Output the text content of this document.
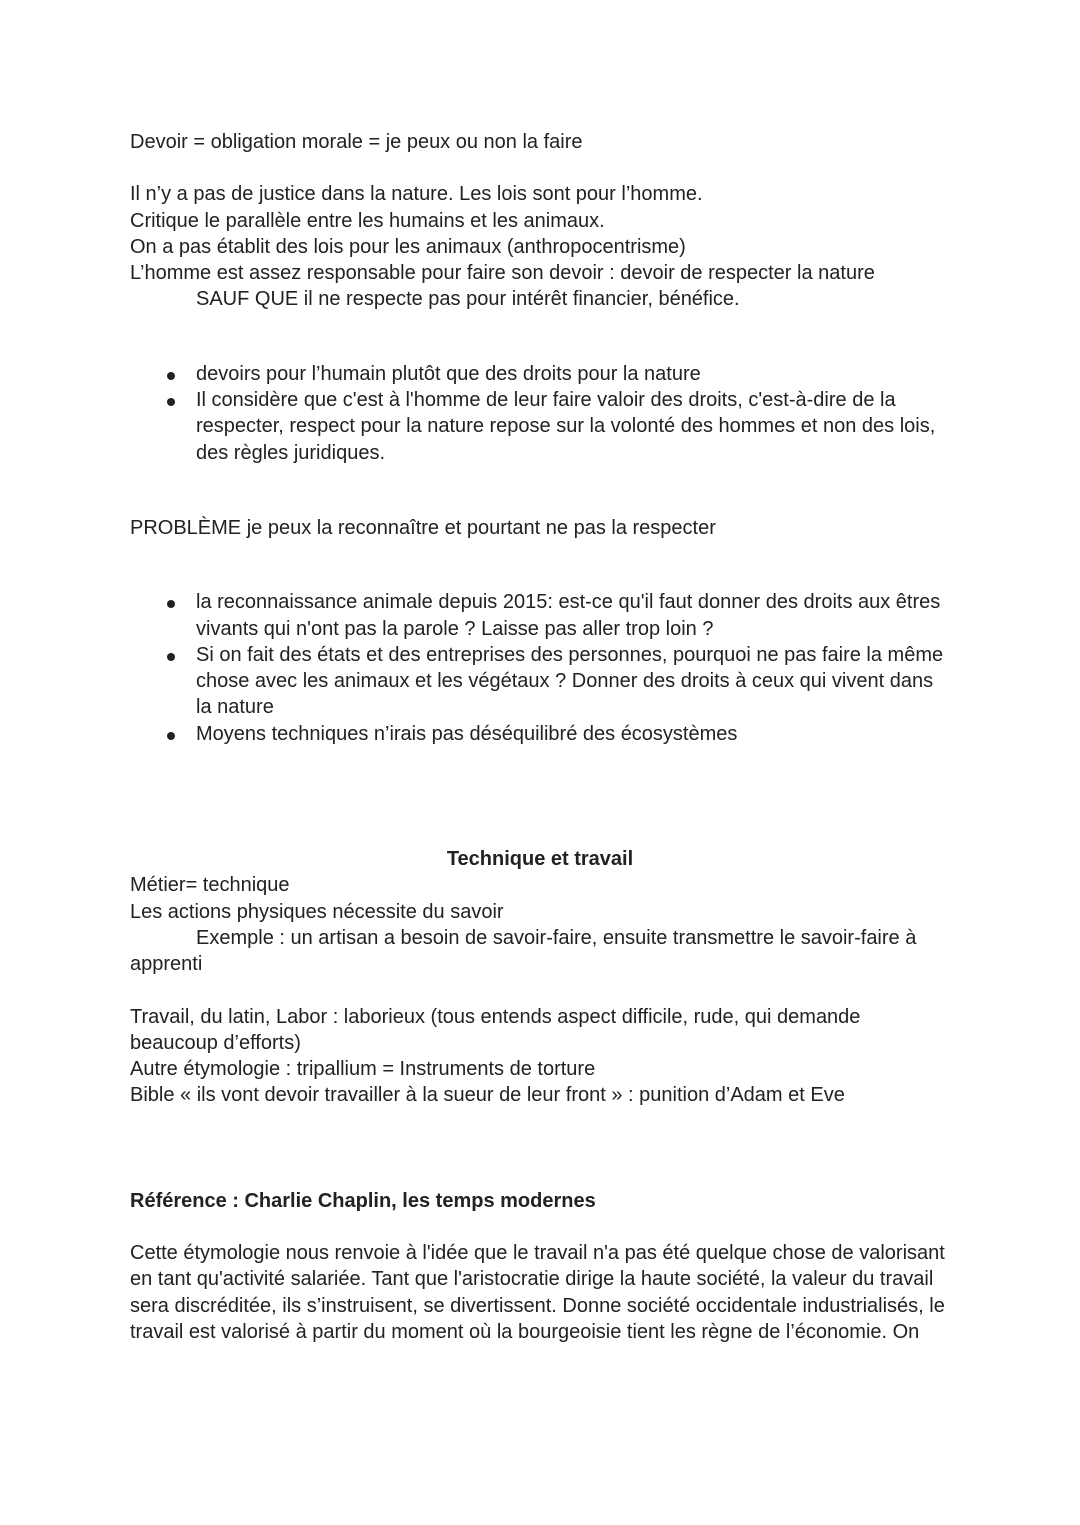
Devoir = obligation morale = je peux ou non la faire

Il n’y a pas de justice dans la nature. Les lois sont pour l’homme.

Critique le parallèle entre les humains et les animaux.

On a pas établit des lois pour les animaux (anthropocentrisme)

L’homme est assez responsable pour faire son devoir : devoir de respecter la nature

SAUF QUE il ne respecte pas pour intérêt financier, bénéfice.

devoirs pour l’humain plutôt que des droits pour la nature
Il considère que c'est à l'homme de leur faire valoir des droits, c'est-à-dire de la
respecter, respect pour la nature repose sur la volonté des hommes et non des lois,
des règles juridiques.

PROBLÈME je peux la reconnaître et pourtant ne pas la respecter

la reconnaissance animale depuis 2015: est-ce qu'il faut donner des droits aux êtres
vivants qui n'ont pas la parole ? Laisse pas aller trop loin ?
Si on fait des états et des entreprises des personnes, pourquoi ne pas faire la même
chose avec les animaux et les végétaux ? Donner des droits à ceux qui vivent dans
la nature
Moyens techniques n’irais pas déséquilibré des écosystèmes

Technique et travail

Métier= technique

Les actions physiques nécessite du savoir

Exemple : un artisan a besoin de savoir-faire, ensuite transmettre le savoir-faire à

apprenti

Travail, du latin, Labor : laborieux (tous entends aspect difficile, rude, qui demande

beaucoup d’efforts)

Autre étymologie : tripallium = Instruments de torture

Bible « ils vont devoir travailler à la sueur de leur front » : punition d’Adam et Eve

Référence : Charlie Chaplin, les temps modernes

Cette étymologie nous renvoie à l'idée que le travail n'a pas été quelque chose de valorisant

en tant qu'activité salariée. Tant que l'aristocratie dirige la haute société, la valeur du travail

sera discréditée, ils s’instruisent, se divertissent. Donne société occidentale industrialisés, le

travail est valorisé à partir du moment où la bourgeoisie tient les règne de l’économie. On
